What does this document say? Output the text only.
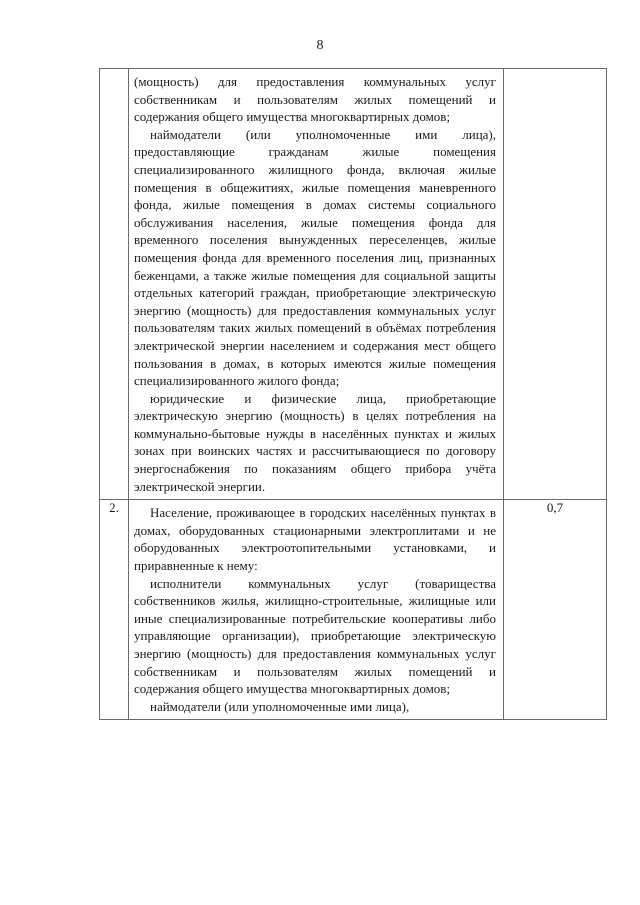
8

	(мощность) для предоставления коммунальных услуг собственникам и пользователям жилых помещений и содержания общего имущества многоквартирных домов;

наймодатели (или уполномоченные ими лица), предоставляющие гражданам жилые помещения специализированного жилищного фонда, включая жилые помещения в общежитиях, жилые помещения маневренного фонда, жилые помещения в домах системы социального обслуживания населения, жилые помещения фонда для временного поселения вынужденных переселенцев, жилые помещения фонда для временного поселения лиц, признанных беженцами, а также жилые помещения для социальной защиты отдельных категорий граждан, приобретающие электрическую энергию (мощность) для предоставления коммунальных услуг пользователям таких жилых помещений в объёмах потребления электрической энергии населением и содержания мест общего пользования в домах, в которых имеются жилые помещения специализированного жилого фонда;

юридические и физические лица, приобретающие электрическую энергию (мощность) в целях потребления на коммунально-бытовые нужды в населённых пунктах и жилых зонах при воинских частях и рассчитывающиеся по договору энергоснабжения по показаниям общего прибора учёта электрической энергии.	

2.	Население, проживающее в городских населённых пунктах в домах, оборудованных стационарными электроплитами и не оборудованных электроотопительными установками, и приравненные к нему:

исполнители коммунальных услуг (товарищества собственников жилья, жилищно-строительные, жилищные или иные специализированные потребительские кооперативы либо управляющие организации), приобретающие электрическую энергию (мощность) для предоставления коммунальных услуг собственникам и пользователям жилых помещений и содержания общего имущества многоквартирных домов;

наймодатели (или уполномоченные ими лица),	0,7
